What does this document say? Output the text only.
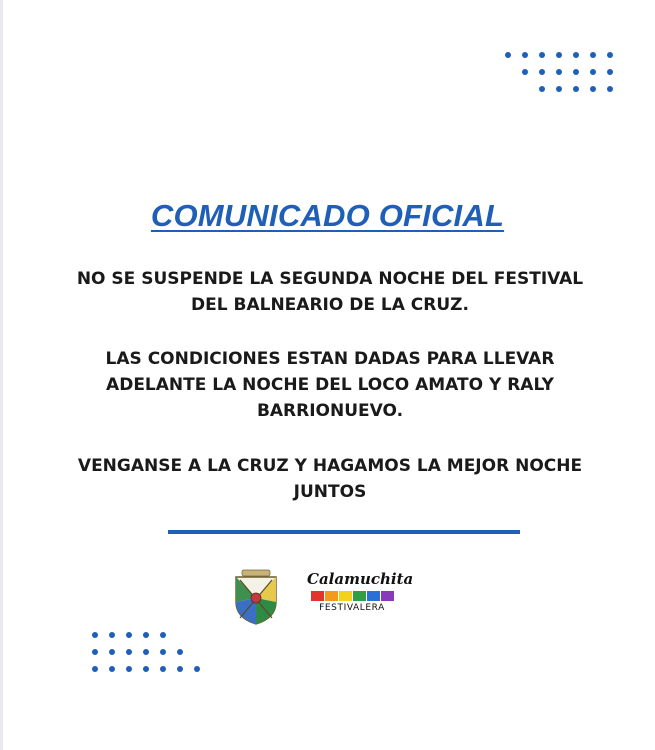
COMUNICADO OFICIAL
NO SE SUSPENDE LA SEGUNDA NOCHE DEL FESTIVAL DEL BALNEARIO DE LA CRUZ.
LAS CONDICIONES ESTAN DADAS PARA LLEVAR ADELANTE LA NOCHE DEL LOCO AMATO Y RALY BARRIONUEVO.
VENGANSE A LA CRUZ Y HAGAMOS LA MEJOR NOCHE JUNTOS
Calamuchita
FESTIVALERA
